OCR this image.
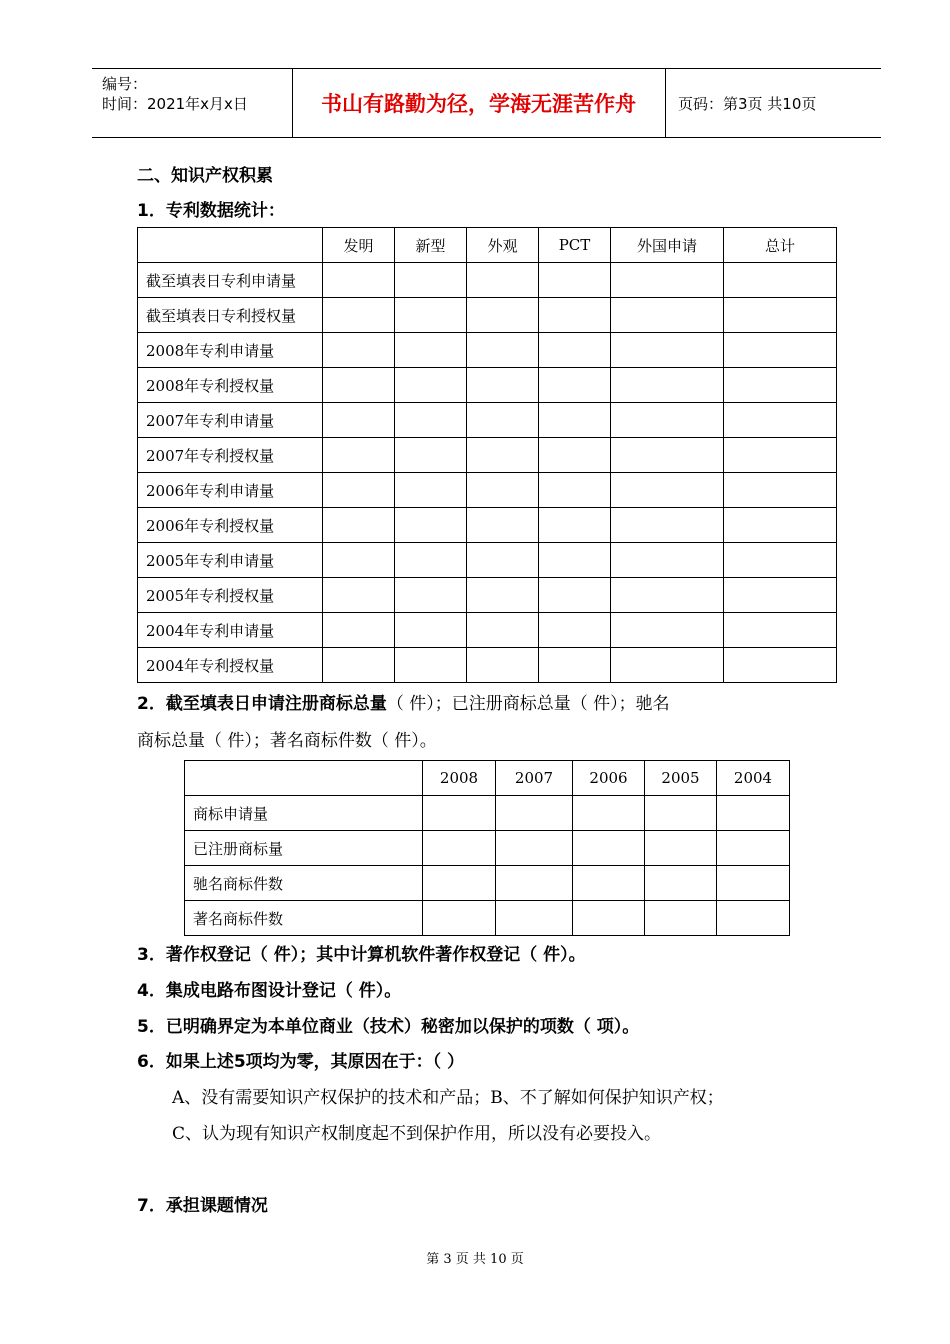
编号：
时间：2021年x月x日	书山有路勤为径，学海无涯苦作舟	页码：第3页 共10页
二、知识产权积累
1．专利数据统计：
	发明	新型	外观	PCT	外国申请	总计
截至填表日专利申请量						
截至填表日专利授权量						
2008年专利申请量						
2008年专利授权量						
2007年专利申请量						
2007年专利授权量						
2006年专利申请量						
2006年专利授权量						
2005年专利申请量						
2005年专利授权量						
2004年专利申请量						
2004年专利授权量						
2．截至填表日申请注册商标总量（ 件）；已注册商标总量（ 件）；驰名
商标总量（ 件）；著名商标件数（ 件）。
	2008	2007	2006	2005	2004
商标申请量					
已注册商标量					
驰名商标件数					
著名商标件数					
3．著作权登记（ 件）；其中计算机软件著作权登记（ 件）。
4．集成电路布图设计登记（ 件）。
5．已明确界定为本单位商业（技术）秘密加以保护的项数（ 项）。
6．如果上述5项均为零，其原因在于：（ ）
A、没有需要知识产权保护的技术和产品；B、不了解如何保护知识产权；
C、认为现有知识产权制度起不到保护作用，所以没有必要投入。
7．承担课题情况
第 3 页 共 10 页
